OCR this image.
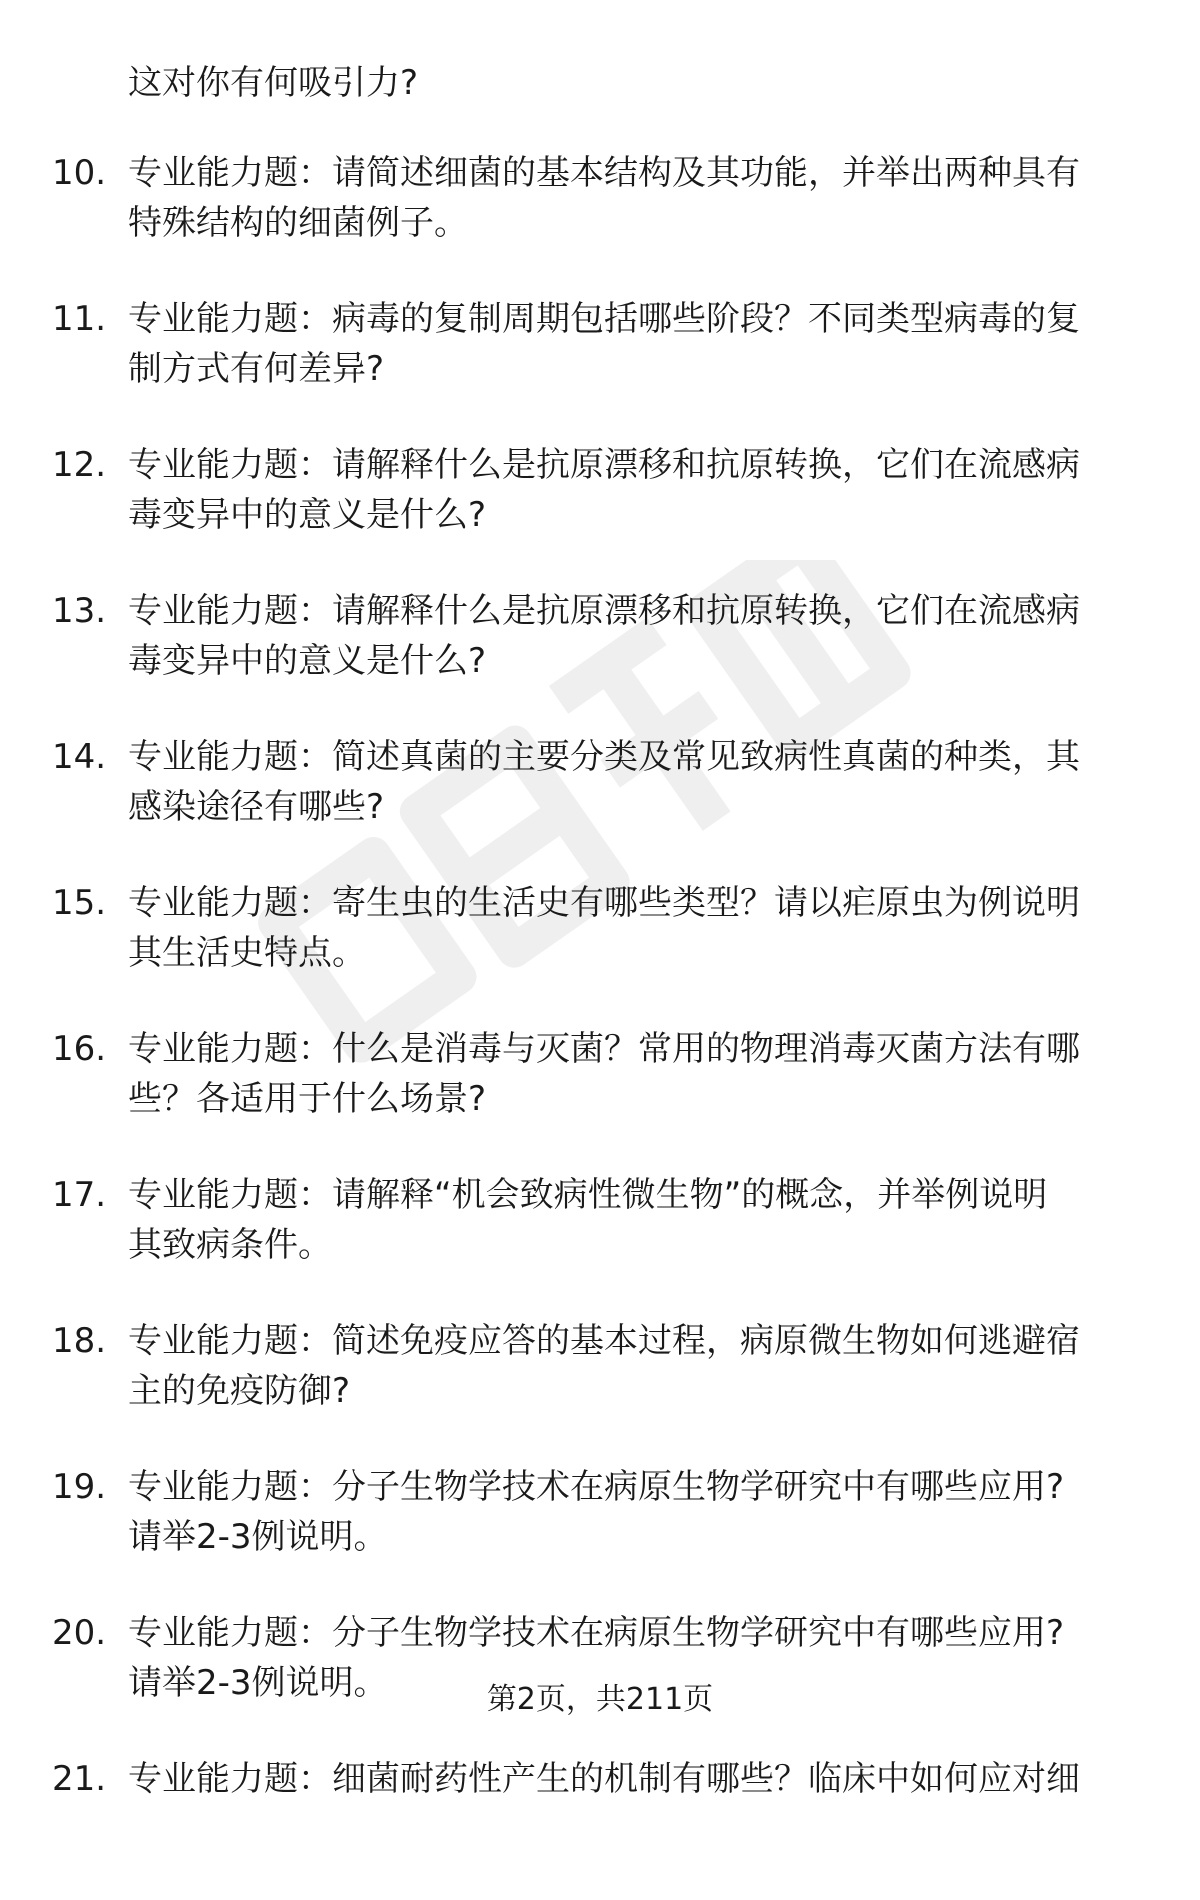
这对你有何吸引力?
10. 专业能力题：请简述细菌的基本结构及其功能，并举出两种具有
特殊结构的细菌例子。
11. 专业能力题：病毒的复制周期包括哪些阶段？不同类型病毒的复
制方式有何差异?
12. 专业能力题：请解释什么是抗原漂移和抗原转换，它们在流感病
毒变异中的意义是什么?
13. 专业能力题：请解释什么是抗原漂移和抗原转换，它们在流感病
毒变异中的意义是什么?
14. 专业能力题：简述真菌的主要分类及常见致病性真菌的种类，其
感染途径有哪些?
15. 专业能力题：寄生虫的生活史有哪些类型？请以疟原虫为例说明
其生活史特点。
16. 专业能力题：什么是消毒与灭菌？常用的物理消毒灭菌方法有哪
些？各适用于什么场景?
17. 专业能力题：请解释“机会致病性微生物”的概念，并举例说明
其致病条件。
18. 专业能力题：简述免疫应答的基本过程，病原微生物如何逃避宿
主的免疫防御?
19. 专业能力题：分子生物学技术在病原生物学研究中有哪些应用?
请举2-3例说明。
20. 专业能力题：分子生物学技术在病原生物学研究中有哪些应用?
请举2-3例说明。
21. 专业能力题：细菌耐药性产生的机制有哪些？临床中如何应对细
第2页，共211页
